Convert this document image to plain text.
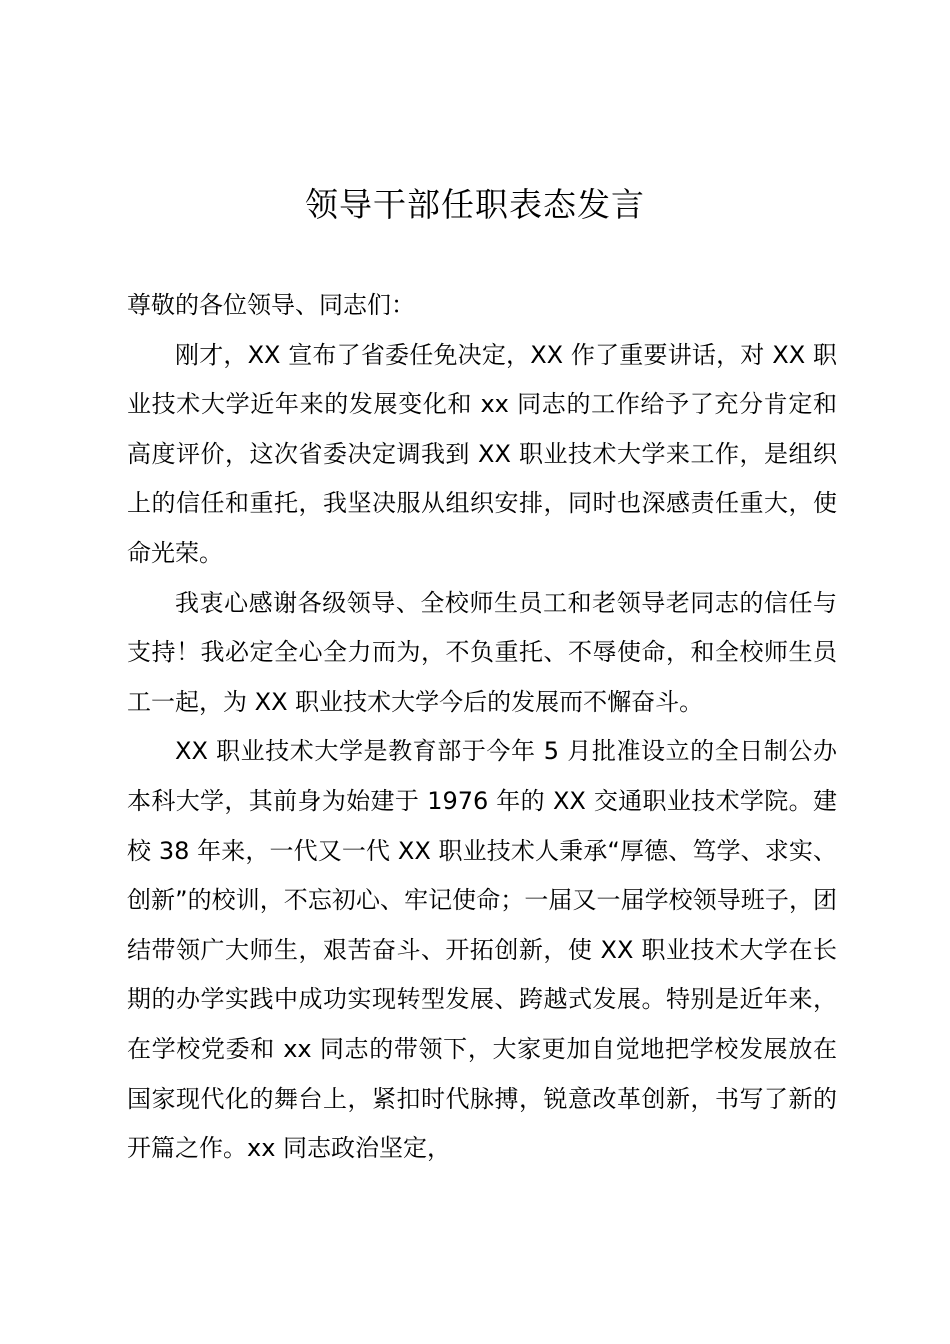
领导干部任职表态发言

尊敬的各位领导、同志们：

刚才，XX 宣布了省委任免决定，XX 作了重要讲话，对 XX 职业技术大学近年来的发展变化和 xx 同志的工作给予了充分肯定和高度评价，这次省委决定调我到 XX 职业技术大学来工作，是组织上的信任和重托，我坚决服从组织安排，同时也深感责任重大，使命光荣。

我衷心感谢各级领导、全校师生员工和老领导老同志的信任与支持！我必定全心全力而为，不负重托、不辱使命，和全校师生员工一起，为 XX 职业技术大学今后的发展而不懈奋斗。

XX 职业技术大学是教育部于今年 5 月批准设立的全日制公办本科大学，其前身为始建于 1976 年的 XX 交通职业技术学院。建校 38 年来，一代又一代 XX 职业技术人秉承“厚德、笃学、求实、创新”的校训，不忘初心、牢记使命；一届又一届学校领导班子，团结带领广大师生，艰苦奋斗、开拓创新，使 XX 职业技术大学在长期的办学实践中成功实现转型发展、跨越式发展。特别是近年来，在学校党委和 xx 同志的带领下，大家更加自觉地把学校发展放在国家现代化的舞台上，紧扣时代脉搏，锐意改革创新，书写了新的开篇之作。xx 同志政治坚定，
